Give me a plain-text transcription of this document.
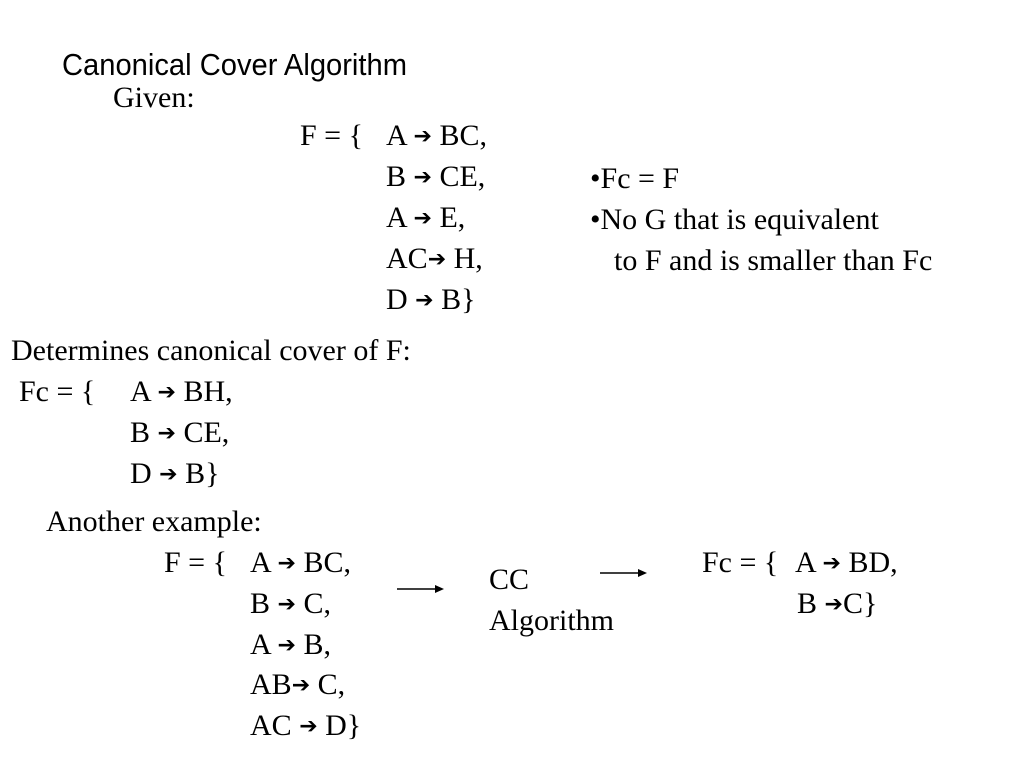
Canonical Cover Algorithm
Given:
F = { A ➔ BC,
B ➔ CE,
A ➔ E,
AC➔ H,
D ➔ B}
•Fc = F
•No G that is equivalent
to F and is smaller than Fc
Determines canonical cover of F:
Fc = { A ➔ BH,
B ➔ CE,
D ➔ B}
Another example:
F = { A ➔ BC,
B ➔ C,
A ➔ B,
AB➔ C,
AC ➔ D}
CC
Algorithm
Fc = { A ➔ BD,
B ➔C}
